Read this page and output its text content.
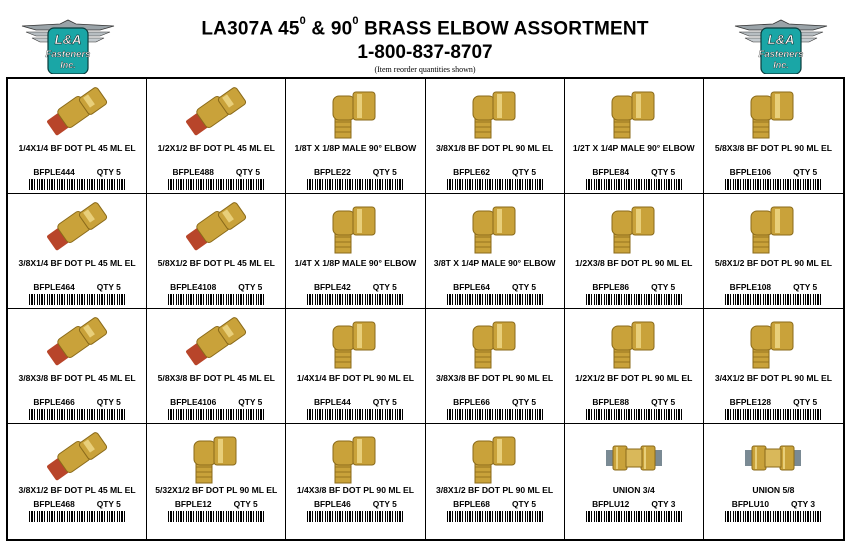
L&A
Fasteners
Inc.
LA307A $45^0$ & $90^0$ BRASS ELBOW ASSORTMENT
1-800-837-8707
(Item reorder quantities shown)
L&A
Fasteners
Inc.
1/4X1/4 BF DOT PL 45 ML EL
BFPLE444	QTY 5
1/2X1/2 BF DOT PL 45 ML EL
BFPLE488	QTY 5
1/8T X 1/8P MALE 90° ELBOW
BFPLE22	QTY 5
3/8X1/8 BF DOT PL 90 ML EL
BFPLE62	QTY 5
1/2T X 1/4P MALE 90° ELBOW
BFPLE84	QTY 5
5/8X3/8 BF DOT PL 90 ML EL
BFPLE106	QTY 5
3/8X1/4 BF DOT PL 45 ML EL
BFPLE464	QTY 5
5/8X1/2 BF DOT PL 45 ML EL
BFPLE4108	QTY 5
1/4T X 1/8P MALE 90° ELBOW
BFPLE42	QTY 5
3/8T X 1/4P MALE 90° ELBOW
BFPLE64	QTY 5
1/2X3/8 BF DOT PL 90 ML EL
BFPLE86	QTY 5
5/8X1/2 BF DOT PL 90 ML EL
BFPLE108	QTY 5
3/8X3/8 BF DOT PL 45 ML EL
BFPLE466	QTY 5
5/8X3/8 BF DOT PL 45 ML EL
BFPLE4106	QTY 5
1/4X1/4 BF DOT PL 90 ML EL
BFPLE44	QTY 5
3/8X3/8 BF DOT PL 90 ML EL
BFPLE66	QTY 5
1/2X1/2 BF DOT PL 90 ML EL
BFPLE88	QTY 5
3/4X1/2 BF DOT PL 90 ML EL
BFPLE128	QTY 5
3/8X1/2 BF DOT PL 45 ML EL
BFPLE468	QTY 5
5/32X1/2 BF DOT PL 90 ML EL
BFPLE12	QTY 5
1/4X3/8 BF DOT PL 90 ML EL
BFPLE46	QTY 5
3/8X1/2 BF DOT PL 90 ML EL
BFPLE68	QTY 5
UNION 3/4
BFPLU12	QTY 3
UNION 5/8
BFPLU10	QTY 3
